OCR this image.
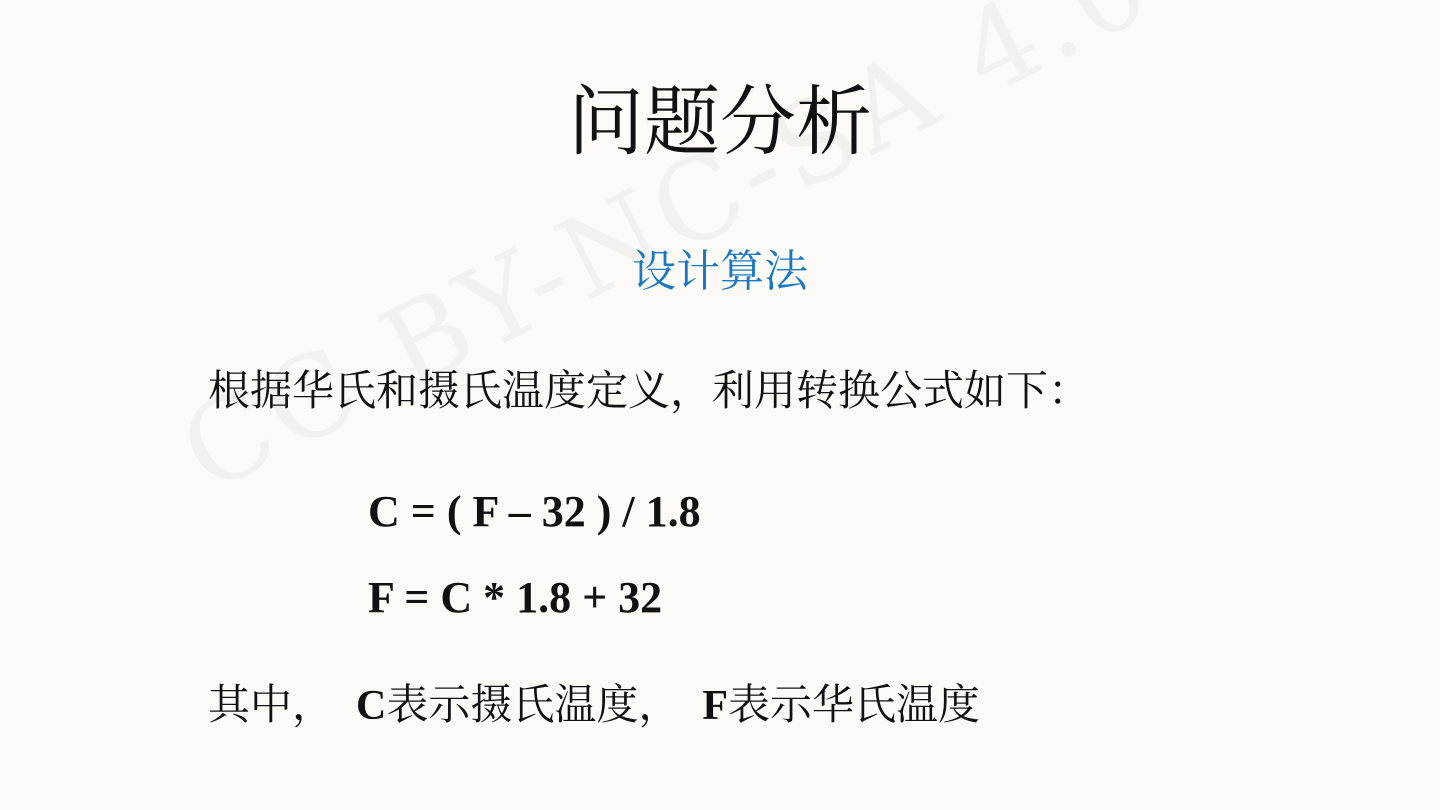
问题分析
设计算法
根据华氏和摄氏温度定义，利用转换公式如下：
C = ( F – 32 ) / 1.8
F = C * 1.8 + 32
其中， C表示摄氏温度， F表示华氏温度
